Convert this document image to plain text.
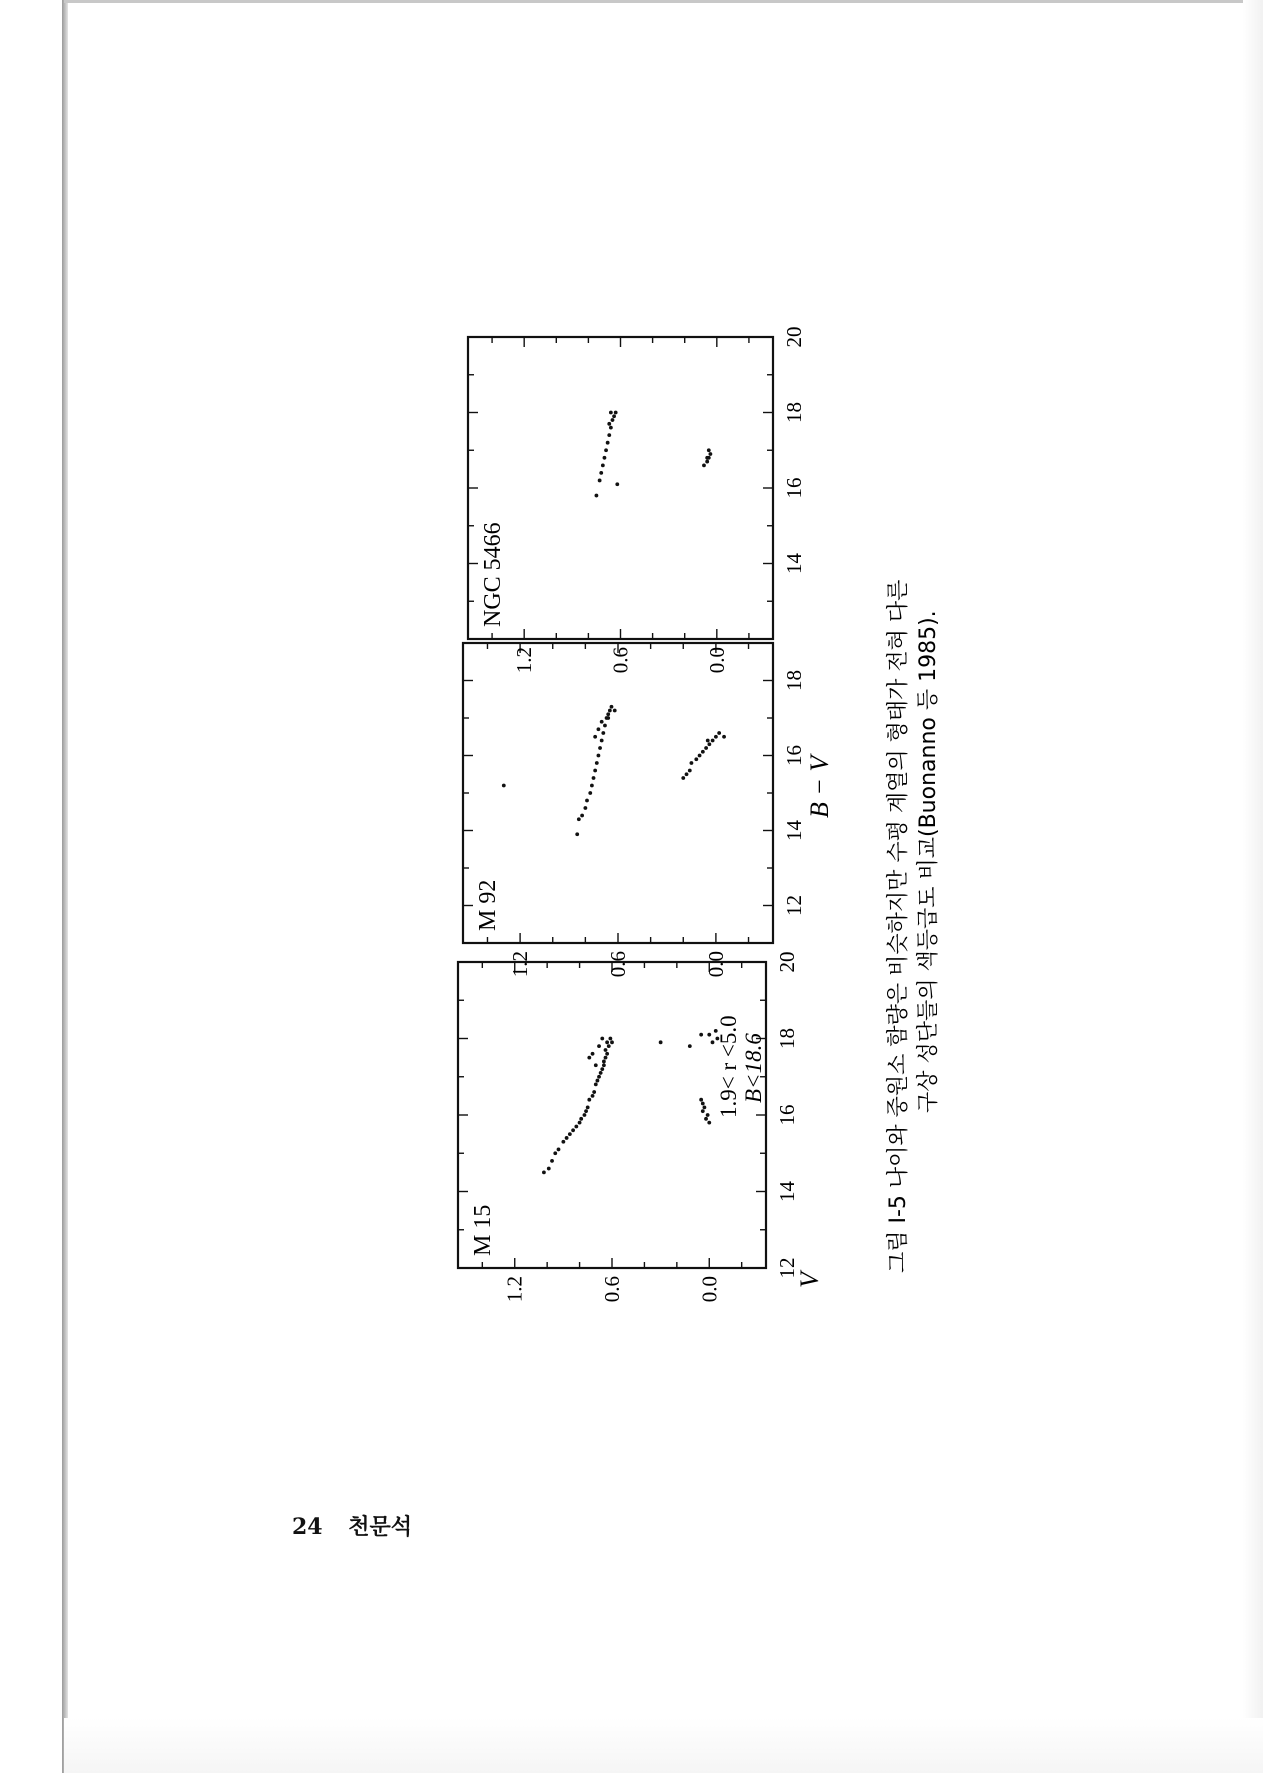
12
14
16
18
20
0.0
0.6
1.2
M 15
V
1.9< r <5.0 B<18.6
12
14
16
18
0.0
0.6
1.2
M 92
B − V
14
16
18
20
0.0
0.6
1.2
NGC 5466
그림 I-5 나이와 중원소 함량은 비슷하지만 수평 계열의 형태가 전혀 다른 구상 성단들의 색등급도 비교(Buonanno 등 1985).
24 천문석
